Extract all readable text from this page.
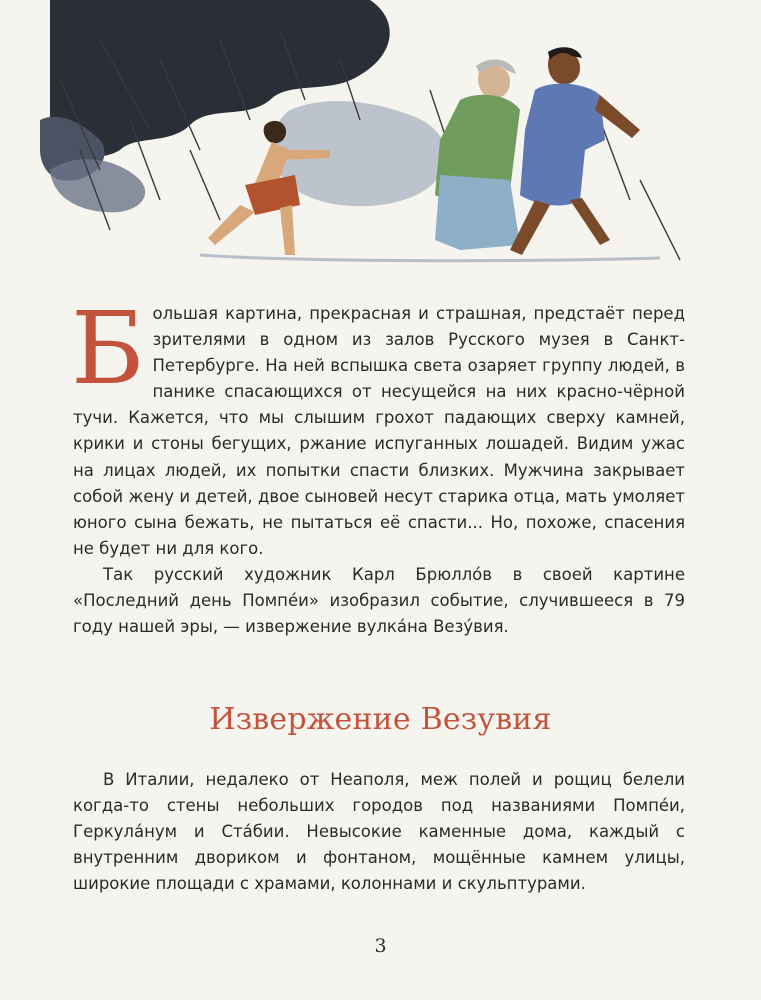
Большая картина, прекрасная и страшная, предстаёт перед зрителями в одном из залов Русского музея в Санкт-Петербурге. На ней вспышка света озаряет группу людей, в панике спасающихся от несущейся на них красно-чёрной тучи. Кажется, что мы слышим грохот падающих сверху камней, крики и стоны бегущих, ржание испуганных лошадей. Видим ужас на лицах людей, их попытки спасти близких. Мужчина закрывает собой жену и детей, двое сыновей несут старика отца, мать умоляет юного сына бежать, не пытаться её спасти... Но, похоже, спасения не будет ни для кого.

Так русский художник Карл Брюлло́в в своей картине «Последний день Помпе́и» изобразил событие, случившееся в 79 году нашей эры, — извержение вулка́на Везу́вия.

Извержение Везувия

В Италии, недалеко от Неаполя, меж полей и рощиц белели когда-то стены небольших городов под названиями Помпе́и, Геркула́нум и Ста́бии. Невысокие каменные дома, каждый с внутренним двориком и фонтаном, мощённые камнем улицы, широкие площади с храмами, колоннами и скульптурами.

3
